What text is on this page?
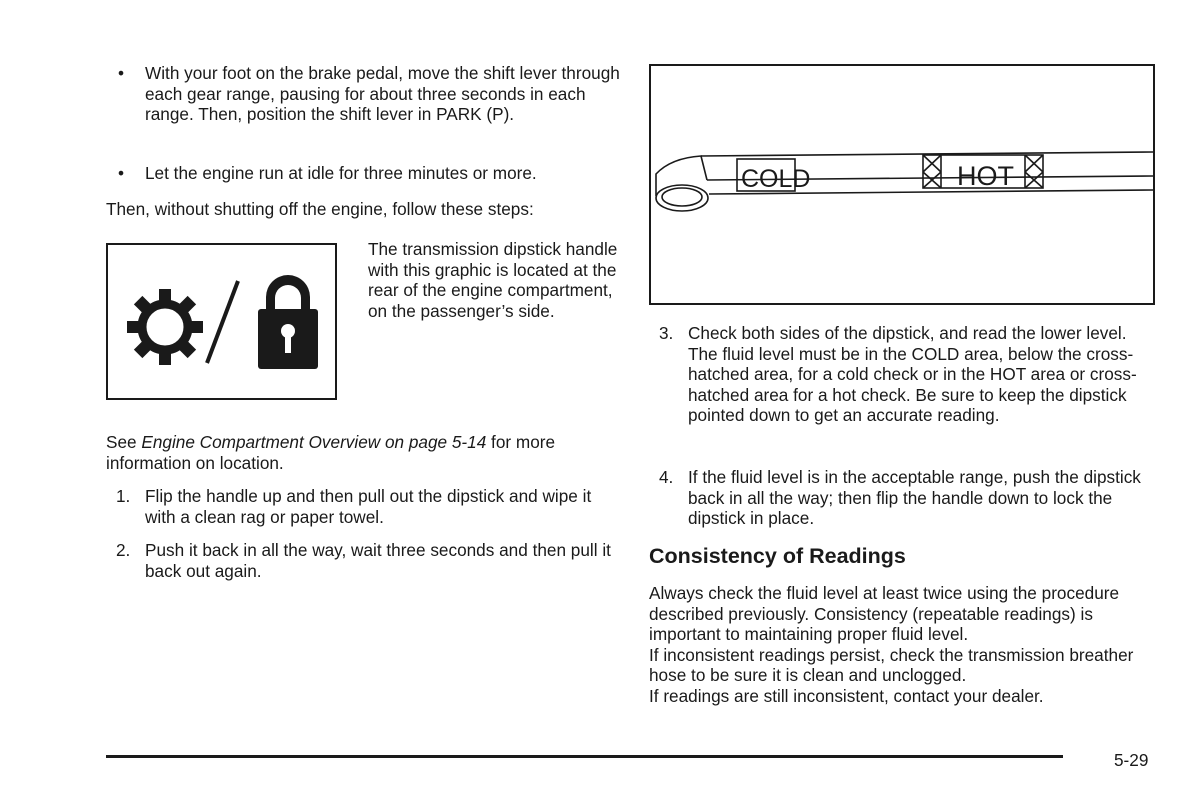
• With your foot on the brake pedal, move the shift lever through each gear range, pausing for about three seconds in each range. Then, position the shift lever in PARK (P).
• Let the engine run at idle for three minutes or more.

Then, without shutting off the engine, follow these steps:

The transmission dipstick handle with this graphic is located at the rear of the engine compartment, on the passenger’s side.

See Engine Compartment Overview on page 5-14 for more information on location.

1. Flip the handle up and then pull out the dipstick and wipe it with a clean rag or paper towel.
2. Push it back in all the way, wait three seconds and then pull it back out again.
COLD	HOT
3. Check both sides of the dipstick, and read the lower level. The fluid level must be in the COLD area, below the cross-hatched area, for a cold check or in the HOT area or cross-hatched area for a hot check. Be sure to keep the dipstick pointed down to get an accurate reading.
4. If the fluid level is in the acceptable range, push the dipstick back in all the way; then flip the handle down to lock the dipstick in place.
Consistency of Readings
Always check the fluid level at least twice using the procedure described previously. Consistency (repeatable readings) is important to maintaining proper fluid level.
If inconsistent readings persist, check the transmission breather hose to be sure it is clean and unclogged.
If readings are still inconsistent, contact your dealer.
5-29
